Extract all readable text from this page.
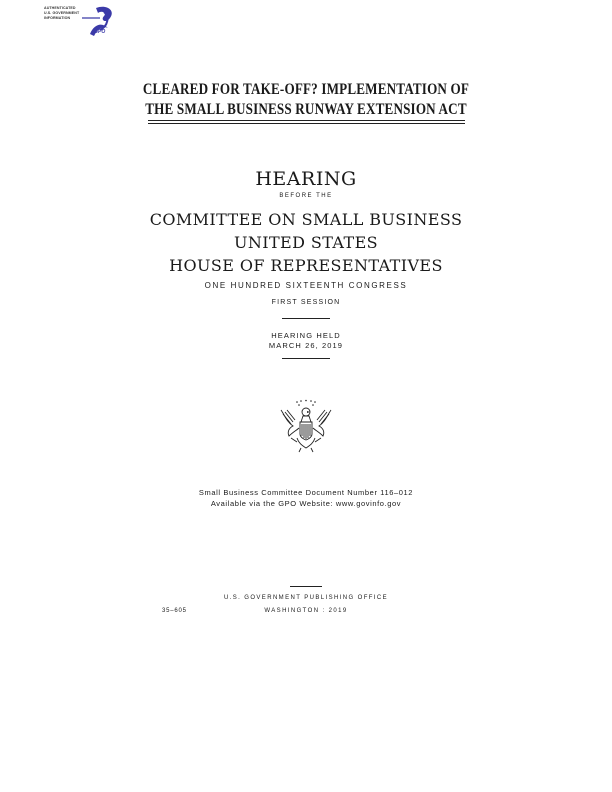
AUTHENTICATED
U.S. GOVERNMENT
INFORMATION
GPO
CLEARED FOR TAKE-OFF? IMPLEMENTATION OF
THE SMALL BUSINESS RUNWAY EXTENSION ACT
HEARING
BEFORE THE
COMMITTEE ON SMALL BUSINESS
UNITED STATES
HOUSE OF REPRESENTATIVES
ONE HUNDRED SIXTEENTH CONGRESS
FIRST SESSION
HEARING HELD
MARCH 26, 2019
Small Business Committee Document Number 116–012
Available via the GPO Website: www.govinfo.gov
U.S. GOVERNMENT PUBLISHING OFFICE
35–605	WASHINGTON : 2019
